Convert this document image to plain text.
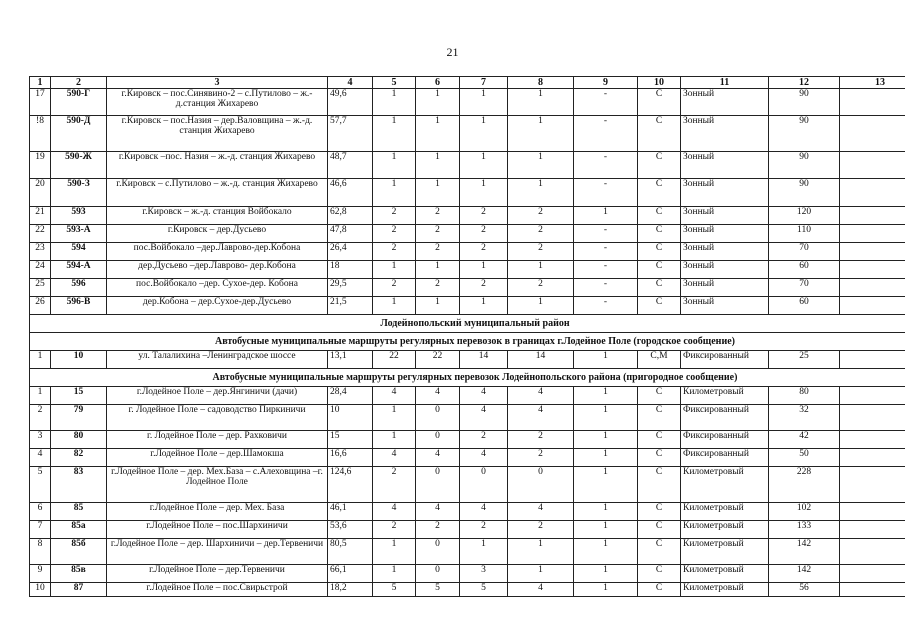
21
1	2	3	4	5	6	7	8	9	10	11	12	13
17	590-Г	г.Кировск – пос.Синявино-2 – с.Путилово – ж.-д.станция Жихарево	49,6	1	1	1	1	-	С	Зонный	90	
!8	590-Д	г.Кировск – пос.Назия – дер.Валовщина – ж.-д. станция Жихарево	57,7	1	1	1	1	-	С	Зонный	90	
19	590-Ж	г.Кировск –пос. Назия – ж.-д. станция Жихарево	48,7	1	1	1	1	-	С	Зонный	90	
20	590-З	г.Кировск – с.Путилово – ж.-д. станция Жихарево	46,6	1	1	1	1	-	С	Зонный	90	
21	593	г.Кировск – ж.-д. станция Войбокало	62,8	2	2	2	2	1	С	Зонный	120	
22	593-А	г.Кировск – дер.Дусьево	47,8	2	2	2	2	-	С	Зонный	110	
23	594	пос.Войбокало –дер.Лаврово-дер.Кобона	26,4	2	2	2	2	-	С	Зонный	70	
24	594-А	дер.Дусьево –дер.Лаврово- дер.Кобона	18	1	1	1	1	-	С	Зонный	60	
25	596	пос.Войбокало –дер. Сухое-дер. Кобона	29,5	2	2	2	2	-	С	Зонный	70	
26	596-В	дер.Кобона – дер.Сухое-дер.Дусьево	21,5	1	1	1	1	-	С	Зонный	60	
Лодейнопольский муниципальный район												
Автобусные муниципальные маршруты регулярных перевозок в границах г.Лодейное Поле (городское сообщение)												
1	10	ул. Талалихина –Ленинградское шоссе	13,1	22	22	14	14	1	С,М	Фиксированный	25	
Автобусные муниципальные маршруты регулярных перевозок Лодейнопольского района (пригородное сообщение)												
1	15	г.Лодейное Поле – дер.Янгиничи (дачи)	28,4	4	4	4	4	1	С	Километровый	80	
2	79	г. Лодейное Поле – садоводство Пиркиничи	10	1	0	4	4	1	С	Фиксированный	32	
3	80	г. Лодейное Поле – дер. Рахковичи	15	1	0	2	2	1	С	Фиксированный	42	
4	82	г.Лодейное Поле – дер.Шамокша	16,6	4	4	4	2	1	С	Фиксированный	50	
5	83	г.Лодейное Поле – дер. Мех.База – с.Алеховщина –г. Лодейное Поле	124,6	2	0	0	0	1	С	Километровый	228	
6	85	г.Лодейное Поле – дер. Мех. База	46,1	4	4	4	4	1	С	Километровый	102	
7	85а	г.Лодейное Поле – пос.Шархиничи	53,6	2	2	2	2	1	С	Километровый	133	
8	85б	г.Лодейное Поле – дер. Шархиничи – дер.Тервеничи	80,5	1	0	1	1	1	С	Километровый	142	
9	85в	г.Лодейное Поле – дер.Тервеничи	66,1	1	0	3	1	1	С	Километровый	142	
10	87	г.Лодейное Поле – пос.Свирьстрой	18,2	5	5	5	4	1	С	Километровый	56	
